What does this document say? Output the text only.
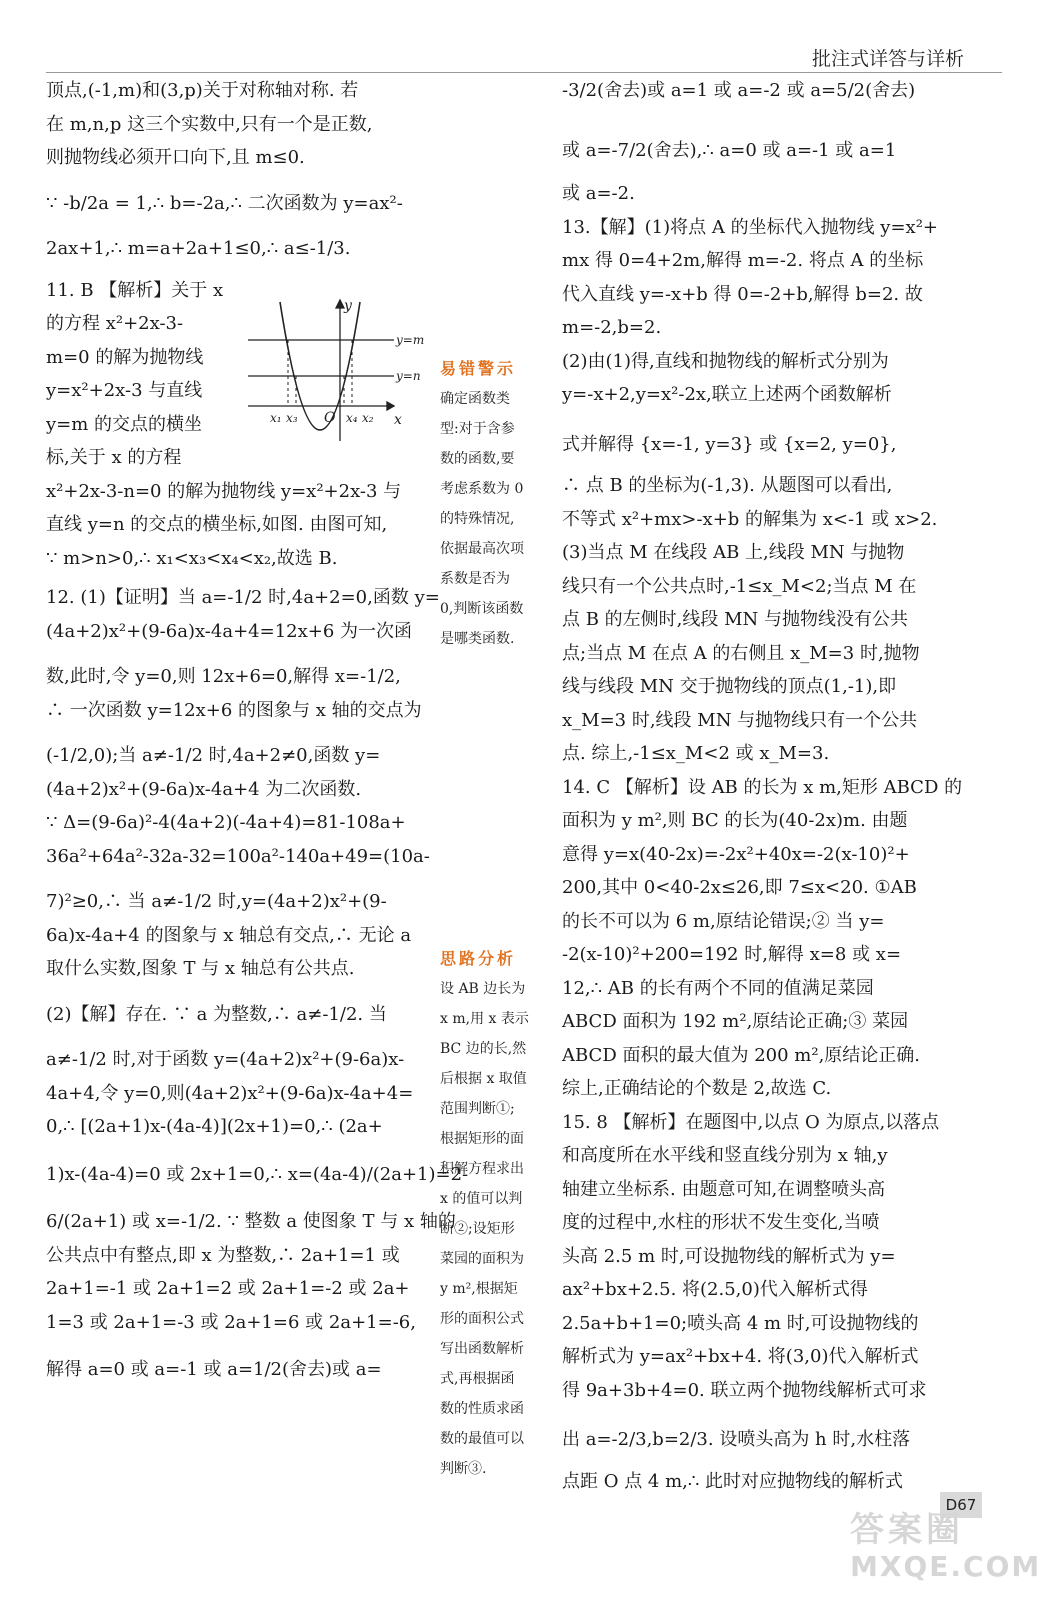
批注式详答与详析
顶点,(-1,m)和(3,p)关于对称轴对称. 若
在 m,n,p 这三个实数中,只有一个是正数,
则抛物线必须开口向下,且 m≤0.
∵ -b/2a = 1,∴ b=-2a,∴ 二次函数为 y=ax²-
2ax+1,∴ m=a+2a+1≤0,∴ a≤-1/3.
11. B 【解析】关于 x
的方程 x²+2x-3-
m=0 的解为抛物线
y=x²+2x-3 与直线
y=m 的交点的横坐
标,关于 x 的方程
x²+2x-3-n=0 的解为抛物线 y=x²+2x-3 与
直线 y=n 的交点的横坐标,如图. 由图可知,
∵ m>n>0,∴ x₁<x₃<x₄<x₂,故选 B.
12. (1)【证明】当 a=-1/2 时,4a+2=0,函数 y=
(4a+2)x²+(9-6a)x-4a+4=12x+6 为一次函
数,此时,令 y=0,则 12x+6=0,解得 x=-1/2,
∴ 一次函数 y=12x+6 的图象与 x 轴的交点为
(-1/2,0);当 a≠-1/2 时,4a+2≠0,函数 y=
(4a+2)x²+(9-6a)x-4a+4 为二次函数.
∵ Δ=(9-6a)²-4(4a+2)(-4a+4)=81-108a+
36a²+64a²-32a-32=100a²-140a+49=(10a-
7)²≥0,∴ 当 a≠-1/2 时,y=(4a+2)x²+(9-
6a)x-4a+4 的图象与 x 轴总有交点,∴ 无论 a
取什么实数,图象 T 与 x 轴总有公共点.
(2)【解】存在. ∵ a 为整数,∴ a≠-1/2. 当
a≠-1/2 时,对于函数 y=(4a+2)x²+(9-6a)x-
4a+4,令 y=0,则(4a+2)x²+(9-6a)x-4a+4=
0,∴ [(2a+1)x-(4a-4)](2x+1)=0,∴ (2a+
1)x-(4a-4)=0 或 2x+1=0,∴ x=(4a-4)/(2a+1)=2-
6/(2a+1) 或 x=-1/2. ∵ 整数 a 使图象 T 与 x 轴的
公共点中有整点,即 x 为整数,∴ 2a+1=1 或
2a+1=-1 或 2a+1=2 或 2a+1=-2 或 2a+
1=3 或 2a+1=-3 或 2a+1=6 或 2a+1=-6,
解得 a=0 或 a=-1 或 a=1/2(舍去)或 a=
-3/2(舍去)或 a=1 或 a=-2 或 a=5/2(舍去)
或 a=-7/2(舍去),∴ a=0 或 a=-1 或 a=1
或 a=-2.
13.【解】(1)将点 A 的坐标代入抛物线 y=x²+
mx 得 0=4+2m,解得 m=-2. 将点 A 的坐标
代入直线 y=-x+b 得 0=-2+b,解得 b=2. 故
m=-2,b=2.
(2)由(1)得,直线和抛物线的解析式分别为
y=-x+2,y=x²-2x,联立上述两个函数解析
式并解得 {x=-1, y=3} 或 {x=2, y=0},
∴ 点 B 的坐标为(-1,3). 从题图可以看出,
不等式 x²+mx>-x+b 的解集为 x<-1 或 x>2.
(3)当点 M 在线段 AB 上,线段 MN 与抛物
线只有一个公共点时,-1≤x_M<2;当点 M 在
点 B 的左侧时,线段 MN 与抛物线没有公共
点;当点 M 在点 A 的右侧且 x_M=3 时,抛物
线与线段 MN 交于抛物线的顶点(1,-1),即
x_M=3 时,线段 MN 与抛物线只有一个公共
点. 综上,-1≤x_M<2 或 x_M=3.
14. C 【解析】设 AB 的长为 x m,矩形 ABCD 的
面积为 y m²,则 BC 的长为(40-2x)m. 由题
意得 y=x(40-2x)=-2x²+40x=-2(x-10)²+
200,其中 0<40-2x≤26,即 7≤x<20. ①AB
的长不可以为 6 m,原结论错误;② 当 y=
-2(x-10)²+200=192 时,解得 x=8 或 x=
12,∴ AB 的长有两个不同的值满足菜园
ABCD 面积为 192 m²,原结论正确;③ 菜园
ABCD 面积的最大值为 200 m²,原结论正确.
综上,正确结论的个数是 2,故选 C.
15. 8 【解析】在题图中,以点 O 为原点,以落点
和高度所在水平线和竖直线分别为 x 轴,y
轴建立坐标系. 由题意可知,在调整喷头高
度的过程中,水柱的形状不发生变化,当喷
头高 2.5 m 时,可设抛物线的解析式为 y=
ax²+bx+2.5. 将(2.5,0)代入解析式得
2.5a+b+1=0;喷头高 4 m 时,可设抛物线的
解析式为 y=ax²+bx+4. 将(3,0)代入解析式
得 9a+3b+4=0. 联立两个抛物线解析式可求
出 a=-2/3,b=2/3. 设喷头高为 h 时,水柱落
点距 O 点 4 m,∴ 此时对应抛物线的解析式
y
x
O
y=m
y=n
x₁ x₃	x₄ x₂
易错警示
确定函数类
型:对于含参
数的函数,要
考虑系数为 0
的特殊情况,
依据最高次项
系数是否为
0,判断该函数
是哪类函数.
思路分析
设 AB 边长为
x m,用 x 表示
BC 边的长,然
后根据 x 取值
范围判断①;
根据矩形的面
积解方程求出
x 的值可以判
断②;设矩形
菜园的面积为
y m²,根据矩
形的面积公式
写出函数解析
式,再根据函
数的性质求函
数的最值可以
判断③.
D67
答案圈
MXQE.COM
